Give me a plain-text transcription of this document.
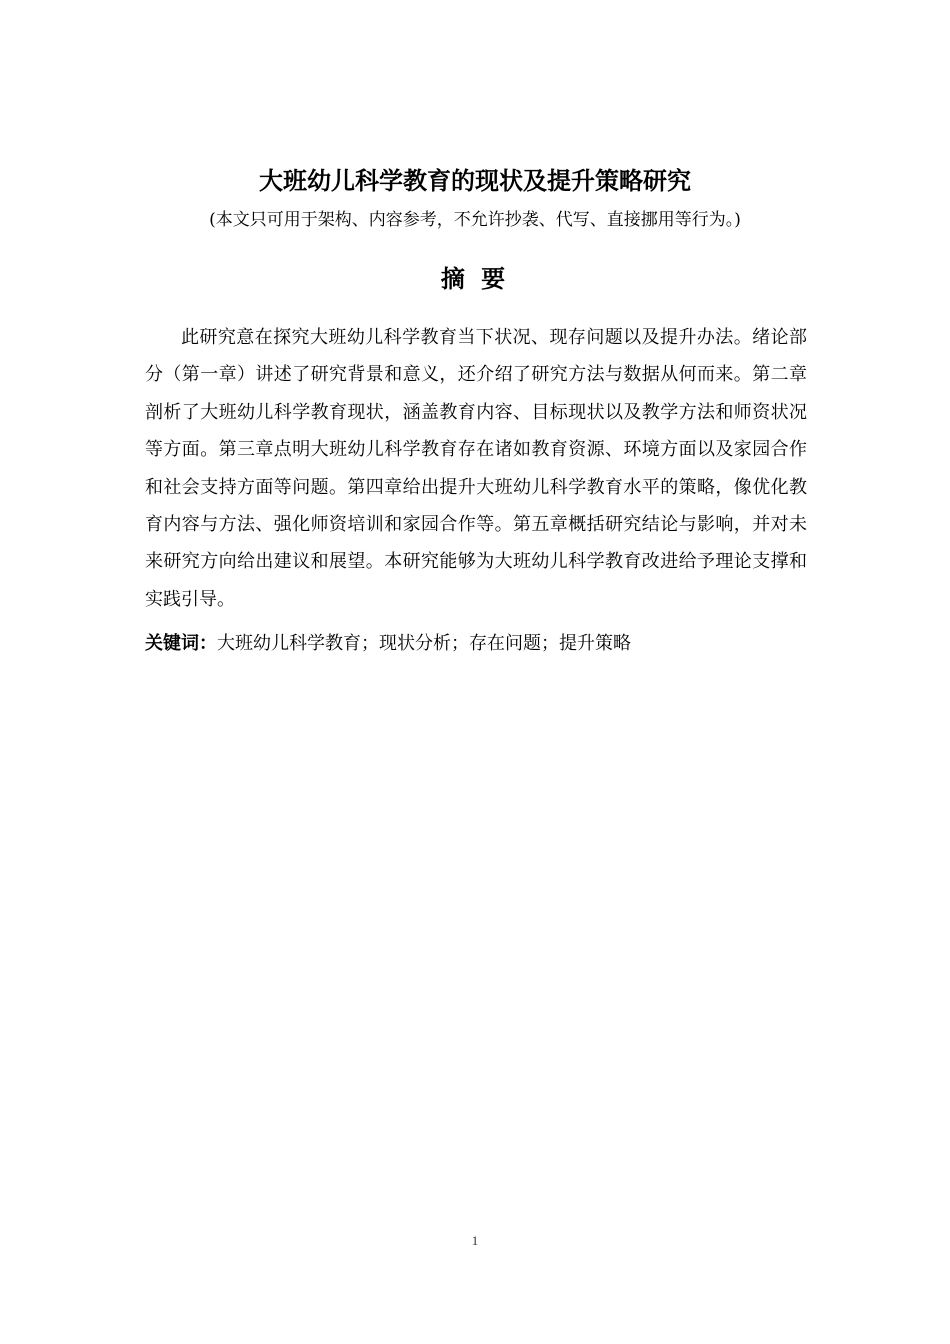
大班幼儿科学教育的现状及提升策略研究

(本文只可用于架构、内容参考，不允许抄袭、代写、直接挪用等行为。)

摘 要

此研究意在探究大班幼儿科学教育当下状况、现存问题以及提升办法。绪论部分（第一章）讲述了研究背景和意义，还介绍了研究方法与数据从何而来。第二章剖析了大班幼儿科学教育现状，涵盖教育内容、目标现状以及教学方法和师资状况等方面。第三章点明大班幼儿科学教育存在诸如教育资源、环境方面以及家园合作和社会支持方面等问题。第四章给出提升大班幼儿科学教育水平的策略，像优化教育内容与方法、强化师资培训和家园合作等。第五章概括研究结论与影响，并对未来研究方向给出建议和展望。本研究能够为大班幼儿科学教育改进给予理论支撑和实践引导。

关键词：大班幼儿科学教育；现状分析；存在问题；提升策略

1
